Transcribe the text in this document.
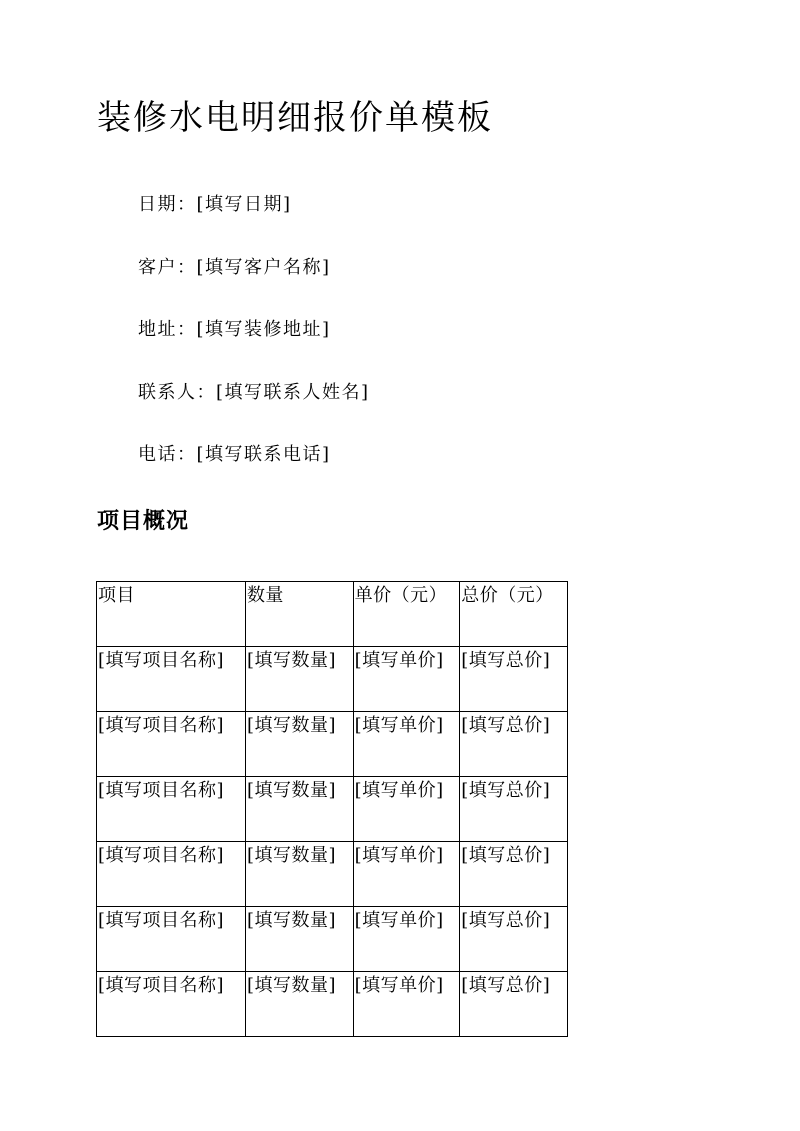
装修水电明细报价单模板

日期：[填写日期]

客户：[填写客户名称]

地址：[填写装修地址]

联系人：[填写联系人姓名]

电话：[填写联系电话]

项目概况
项目	数量	单价（元）	总价（元）
[填写项目名称]	[填写数量]	[填写单价]	[填写总价]
[填写项目名称]	[填写数量]	[填写单价]	[填写总价]
[填写项目名称]	[填写数量]	[填写单价]	[填写总价]
[填写项目名称]	[填写数量]	[填写单价]	[填写总价]
[填写项目名称]	[填写数量]	[填写单价]	[填写总价]
[填写项目名称]	[填写数量]	[填写单价]	[填写总价]
